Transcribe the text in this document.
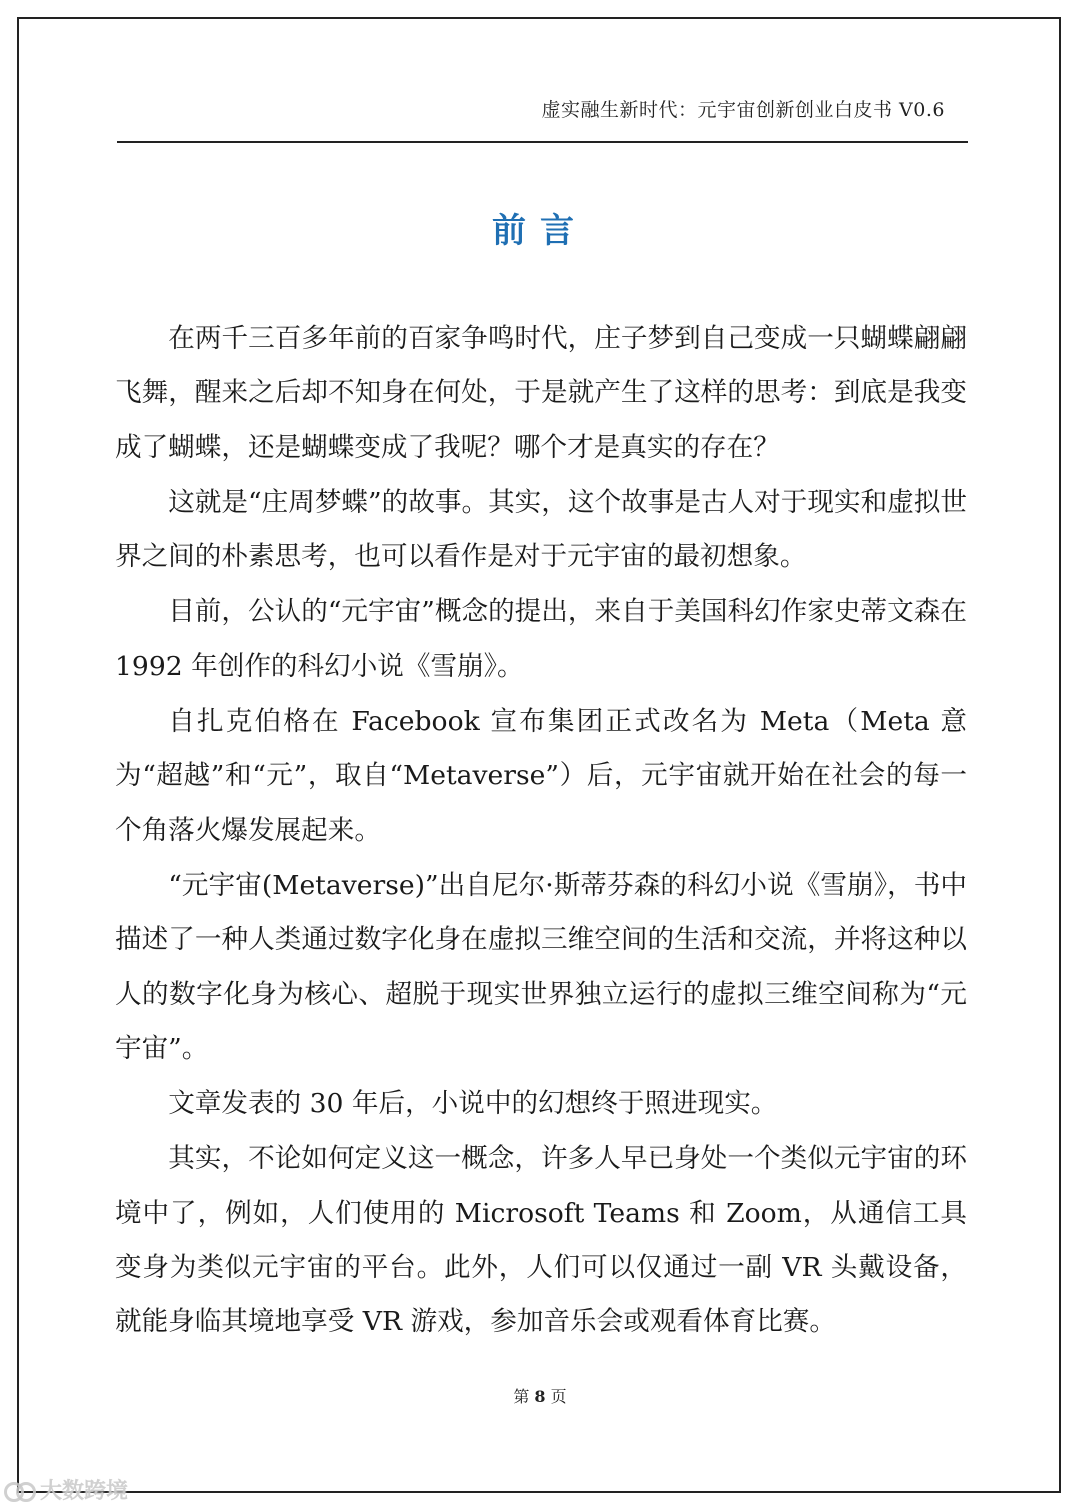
虚实融生新时代：元宇宙创新创业白皮书 V0.6
前言

在两千三百多年前的百家争鸣时代，庄子梦到自己变成一只蝴蝶翩翩飞舞，醒来之后却不知身在何处，于是就产生了这样的思考：到底是我变成了蝴蝶，还是蝴蝶变成了我呢？哪个才是真实的存在？

这就是“庄周梦蝶”的故事。其实，这个故事是古人对于现实和虚拟世界之间的朴素思考，也可以看作是对于元宇宙的最初想象。

目前，公认的“元宇宙”概念的提出，来自于美国科幻作家史蒂文森在 1992 年创作的科幻小说《雪崩》。

自扎克伯格在 Facebook 宣布集团正式改名为 Meta（Meta 意为“超越”和“元”，取自“Metaverse”）后，元宇宙就开始在社会的每一个角落火爆发展起来。

“元宇宙(Metaverse)”出自尼尔·斯蒂芬森的科幻小说《雪崩》，书中描述了一种人类通过数字化身在虚拟三维空间的生活和交流，并将这种以人的数字化身为核心、超脱于现实世界独立运行的虚拟三维空间称为“元宇宙”。

文章发表的 30 年后，小说中的幻想终于照进现实。

其实，不论如何定义这一概念，许多人早已身处一个类似元宇宙的环境中了，例如，人们使用的 Microsoft Teams 和 Zoom，从通信工具变身为类似元宇宙的平台。此外，人们可以仅通过一副 VR 头戴设备，就能身临其境地享受 VR 游戏，参加音乐会或观看体育比赛。

第 8 页
大数跨境
